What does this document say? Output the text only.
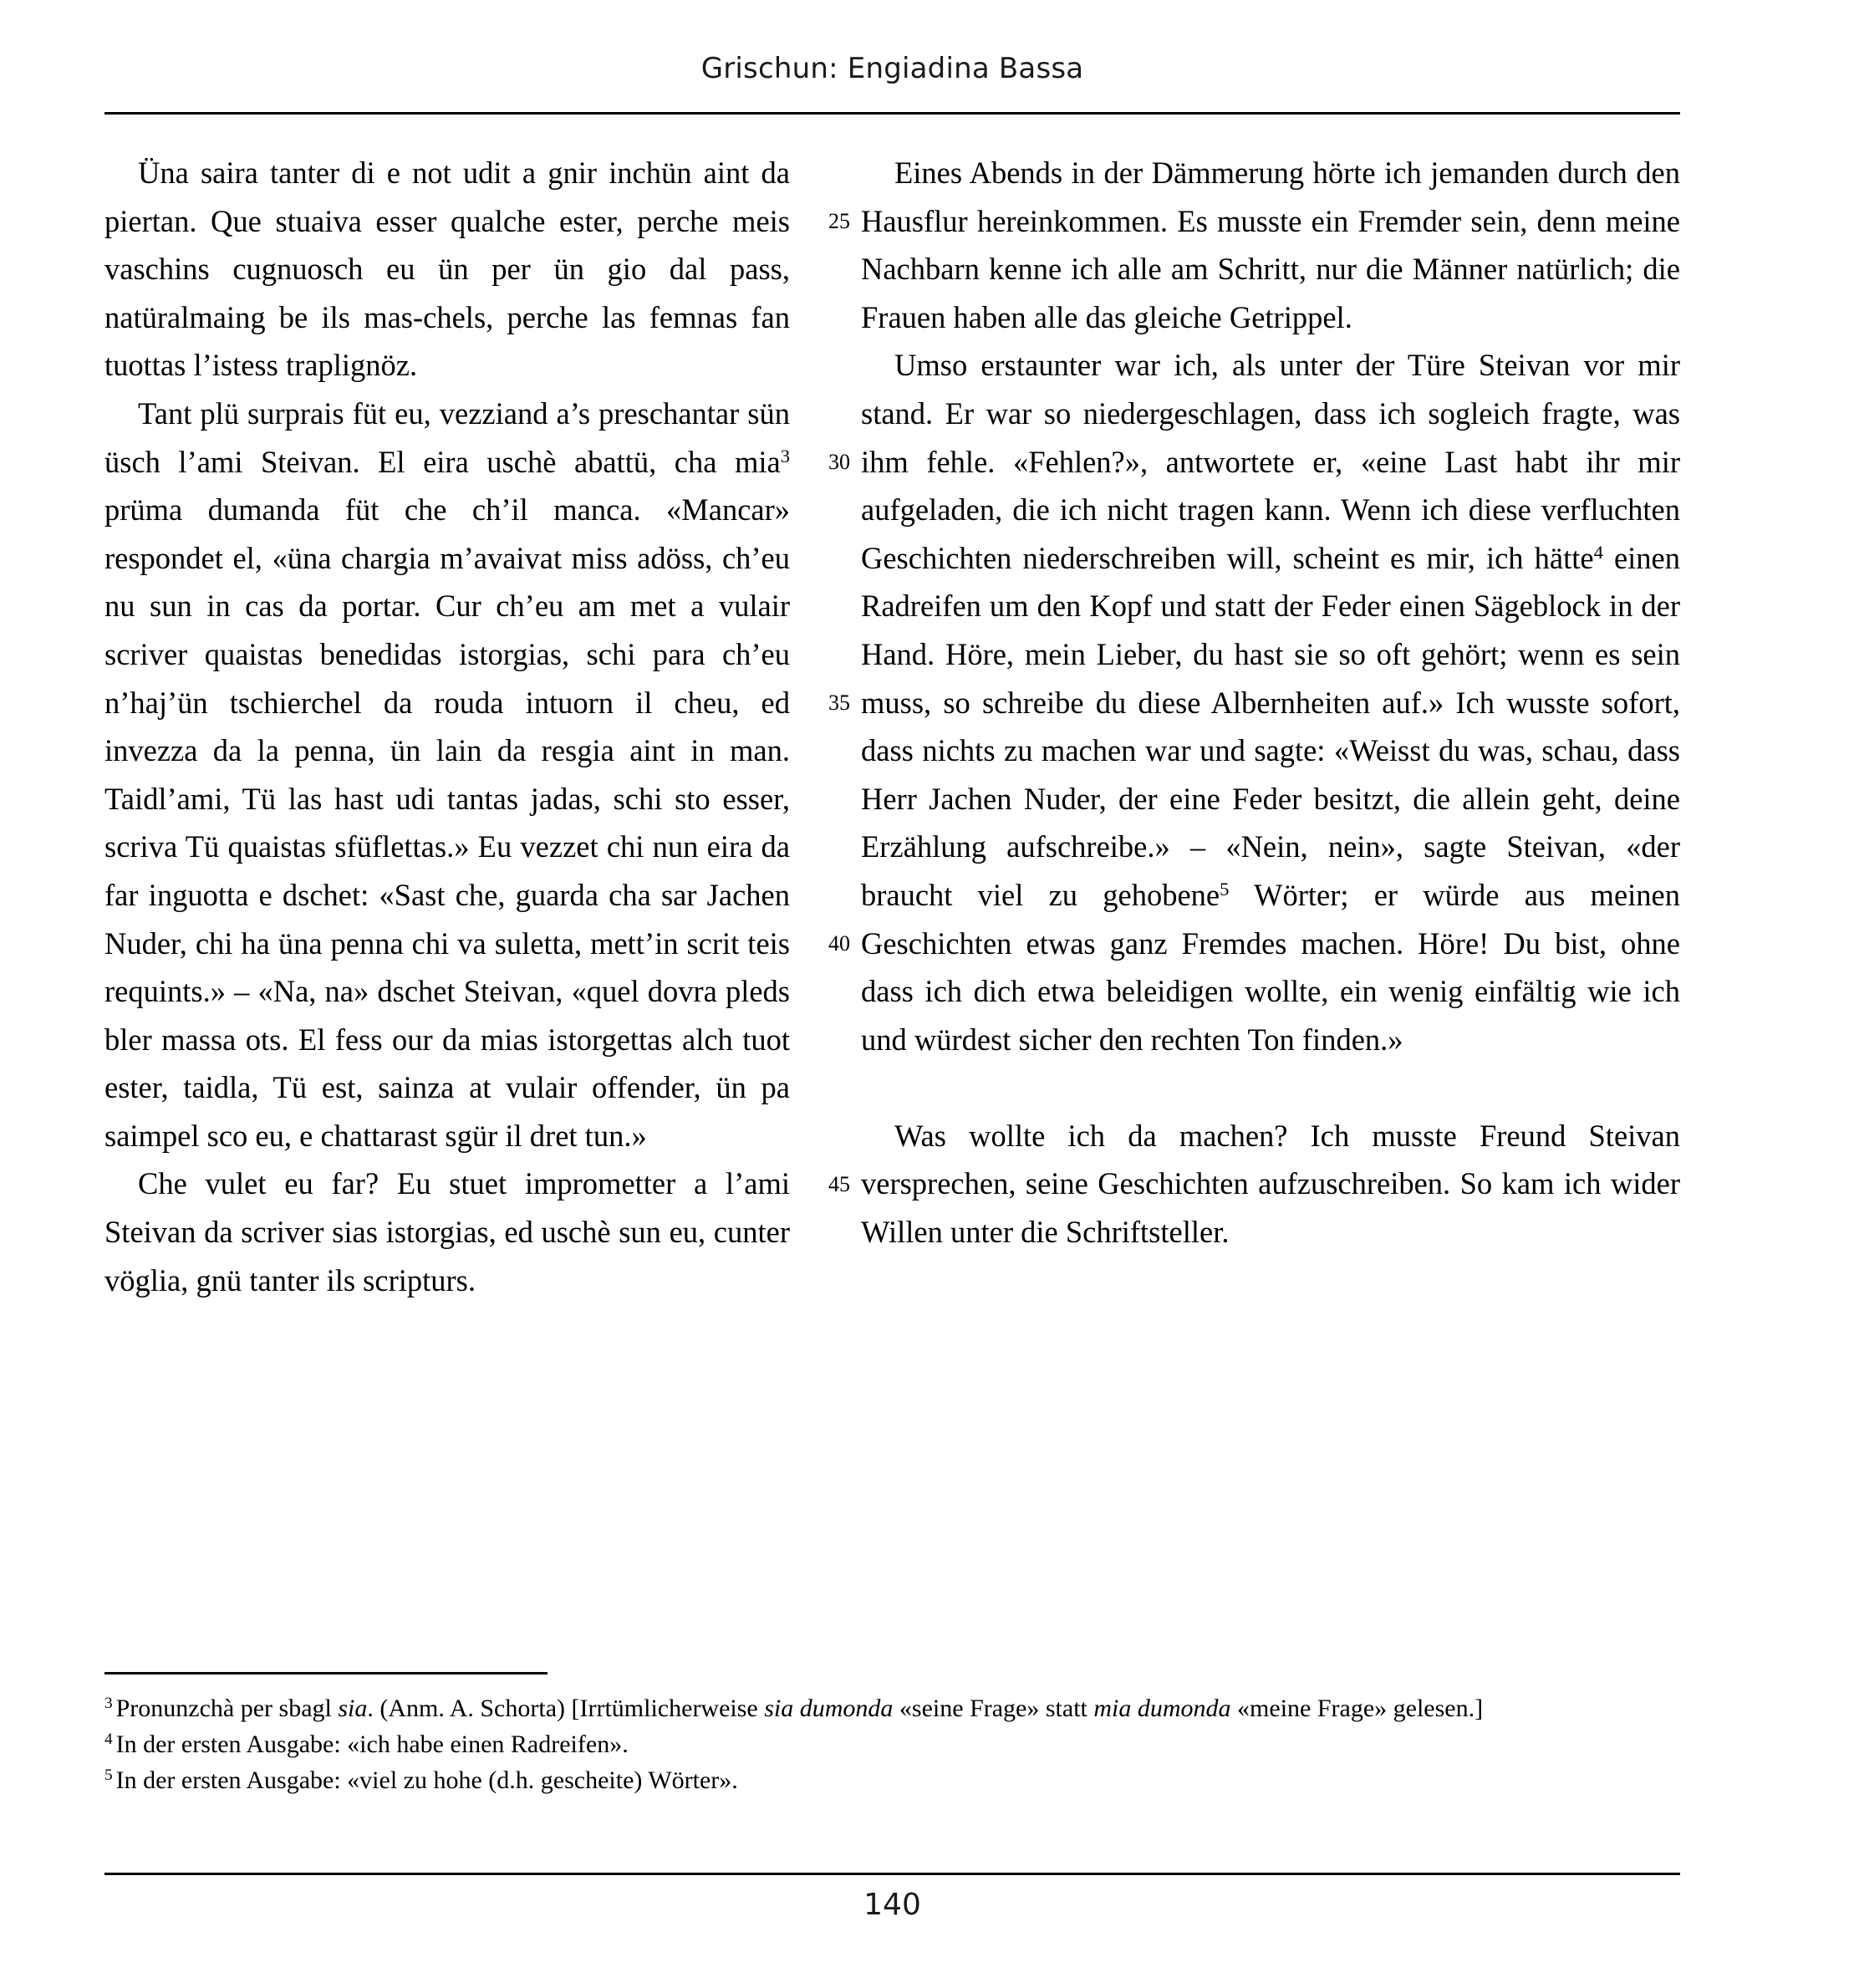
Grischun: Engiadina Bassa

Üna saira tanter di e not udit a gnir inchün aint da piertan. Que stuaiva esser qualche ester, perche meis vaschins cugnuosch eu ün per ün gio dal pass, natüralmaing be ils mas-chels, perche las femnas fan tuottas l’istess traplignöz.

Tant plü surprais füt eu, vezziand a’s preschantar sün üsch l’ami Steivan. El eira uschè abattü, cha mia$^3$ prüma dumanda füt che ch’il manca. «Mancar» respondet el, «üna chargia m’avaivat miss adöss, ch’eu nu sun in cas da portar. Cur ch’eu am met a vulair scriver quaistas benedidas istorgias, schi para ch’eu n’haj’ün tschierchel da rouda intuorn il cheu, ed invezza da la penna, ün lain da resgia aint in man. Taidl’ami, Tü las hast udi tantas jadas, schi sto esser, scriva Tü quaistas sfüflettas.» Eu vezzet chi nun eira da far inguotta e dschet: «Sast che, guarda cha sar Jachen Nuder, chi ha üna penna chi va suletta, mett’in scrit teis requints.» – «Na, na» dschet Steivan, «quel dovra pleds bler massa ots. El fess our da mias istorgettas alch tuot ester, taidla, Tü est, sainza at vulair offender, ün pa saimpel sco eu, e chattarast sgür il dret tun.»

Che vulet eu far? Eu stuet imprometter a l’ami Steivan da scriver sias istorgias, ed uschè sun eu, cunter vöglia, gnü tanter ils scripturs.

Eines Abends in der Dämmerung hörte ich jemanden durch den Hausflur hereinkommen. Es musste ein Fremder sein, denn meine Nachbarn kenne ich alle am Schritt, nur die Männer natürlich; die Frauen haben alle das gleiche Getrippel.

Umso erstaunter war ich, als unter der Türe Steivan vor mir stand. Er war so niedergeschlagen, dass ich sogleich fragte, was ihm fehle. «Fehlen?», antwortete er, «eine Last habt ihr mir aufgeladen, die ich nicht tragen kann. Wenn ich diese verfluchten Geschichten niederschreiben will, scheint es mir, ich hätte$^4$ einen Radreifen um den Kopf und statt der Feder einen Sägeblock in der Hand. Höre, mein Lieber, du hast sie so oft gehört; wenn es sein muss, so schreibe du diese Albernheiten auf.» Ich wusste sofort, dass nichts zu machen war und sagte: «Weisst du was, schau, dass Herr Jachen Nuder, der eine Feder besitzt, die allein geht, deine Erzählung aufschreibe.» – «Nein, nein», sagte Steivan, «der braucht viel zu gehobene$^5$ Wörter; er würde aus meinen Geschichten etwas ganz Fremdes machen. Höre! Du bist, ohne dass ich dich etwa beleidigen wollte, ein wenig einfältig wie ich und würdest sicher den rechten Ton finden.»

Was wollte ich da machen? Ich musste Freund Steivan versprechen, seine Geschichten aufzuschreiben. So kam ich wider Willen unter die Schriftsteller.

25
30
35
40
45

$^3$ Pronunzchà per sbagl sia. (Anm. A. Schorta) [Irrtümlicherweise sia dumonda «seine Frage» statt mia dumonda «meine Frage» gelesen.]

$^4$ In der ersten Ausgabe: «ich habe einen Radreifen».

$^5$ In der ersten Ausgabe: «viel zu hohe (d.h. gescheite) Wörter».

140
